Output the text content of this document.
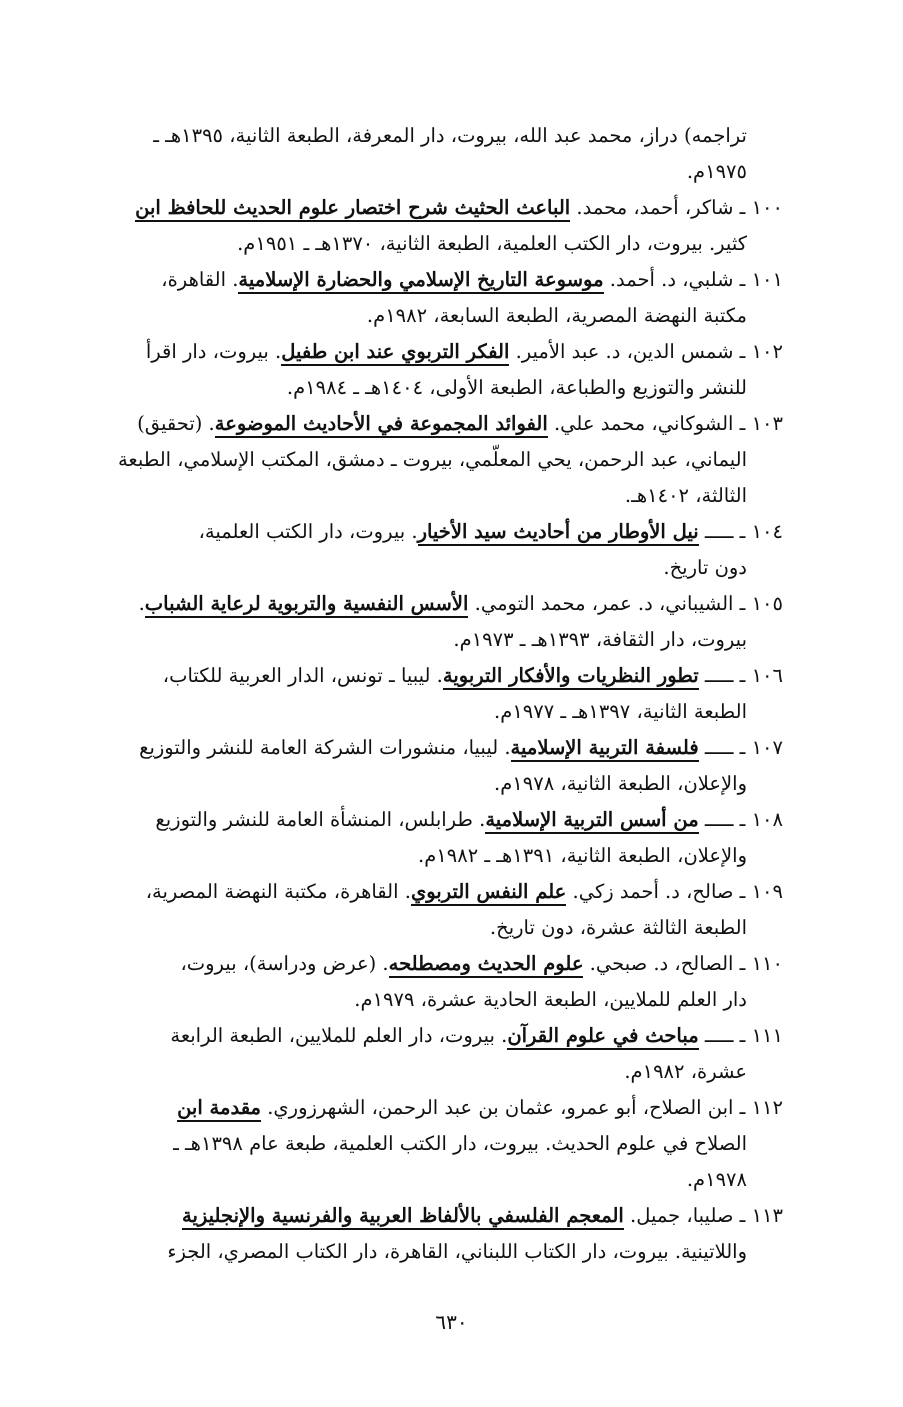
تراجمه) دراز، محمد عبد الله، بيروت، دار المعرفة، الطبعة الثانية، ١٣٩٥هـ ـ
١٩٧٥م.
١٠٠ ـ شاكر، أحمد، محمد. الباعث الحثيث شرح اختصار علوم الحديث للحافظ ابن
كثير. بيروت، دار الكتب العلمية، الطبعة الثانية، ١٣٧٠هـ ـ ١٩٥١م.
١٠١ ـ شلبي، د. أحمد. موسوعة التاريخ الإسلامي والحضارة الإسلامية. القاهرة،
مكتبة النهضة المصرية، الطبعة السابعة، ١٩٨٢م.
١٠٢ ـ شمس الدين، د. عبد الأمير. الفكر التربوي عند ابن طفيل. بيروت، دار اقرأ
للنشر والتوزيع والطباعة، الطبعة الأولى، ١٤٠٤هـ ـ ١٩٨٤م.
١٠٣ ـ الشوكاني، محمد علي. الفوائد المجموعة في الأحاديث الموضوعة. (تحقيق)
اليماني، عبد الرحمن، يحي المعلّمي، بيروت ـ دمشق، المكتب الإسلامي، الطبعة
الثالثة، ١٤٠٢هـ.
١٠٤ ـ ـــــ نيل الأوطار من أحاديث سيد الأخيار. بيروت، دار الكتب العلمية،
دون تاريخ.
١٠٥ ـ الشيباني، د. عمر، محمد التومي. الأسس النفسية والتربوية لرعاية الشباب.
بيروت، دار الثقافة، ١٣٩٣هـ ـ ١٩٧٣م.
١٠٦ ـ ـــــ تطور النظريات والأفكار التربوية. ليبيا ـ تونس، الدار العربية للكتاب،
الطبعة الثانية، ١٣٩٧هـ ـ ١٩٧٧م.
١٠٧ ـ ـــــ فلسفة التربية الإسلامية. ليبيا، منشورات الشركة العامة للنشر والتوزيع
والإعلان، الطبعة الثانية، ١٩٧٨م.
١٠٨ ـ ـــــ من أسس التربية الإسلامية. طرابلس، المنشأة العامة للنشر والتوزيع
والإعلان، الطبعة الثانية، ١٣٩١هـ ـ ١٩٨٢م.
١٠٩ ـ صالح، د. أحمد زكي. علم النفس التربوي. القاهرة، مكتبة النهضة المصرية،
الطبعة الثالثة عشرة، دون تاريخ.
١١٠ ـ الصالح، د. صبحي. علوم الحديث ومصطلحه. (عرض ودراسة)، بيروت،
دار العلم للملايين، الطبعة الحادية عشرة، ١٩٧٩م.
١١١ ـ ـــــ مباحث في علوم القرآن. بيروت، دار العلم للملايين، الطبعة الرابعة
عشرة، ١٩٨٢م.
١١٢ ـ ابن الصلاح، أبو عمرو، عثمان بن عبد الرحمن، الشهرزوري. مقدمة ابن
الصلاح في علوم الحديث. بيروت، دار الكتب العلمية، طبعة عام ١٣٩٨هـ ـ
١٩٧٨م.
١١٣ ـ صليبا، جميل. المعجم الفلسفي بالألفاظ العربية والفرنسية والإنجليزية
واللاتينية. بيروت، دار الكتاب اللبناني، القاهرة، دار الكتاب المصري، الجزء
٦٣٠
